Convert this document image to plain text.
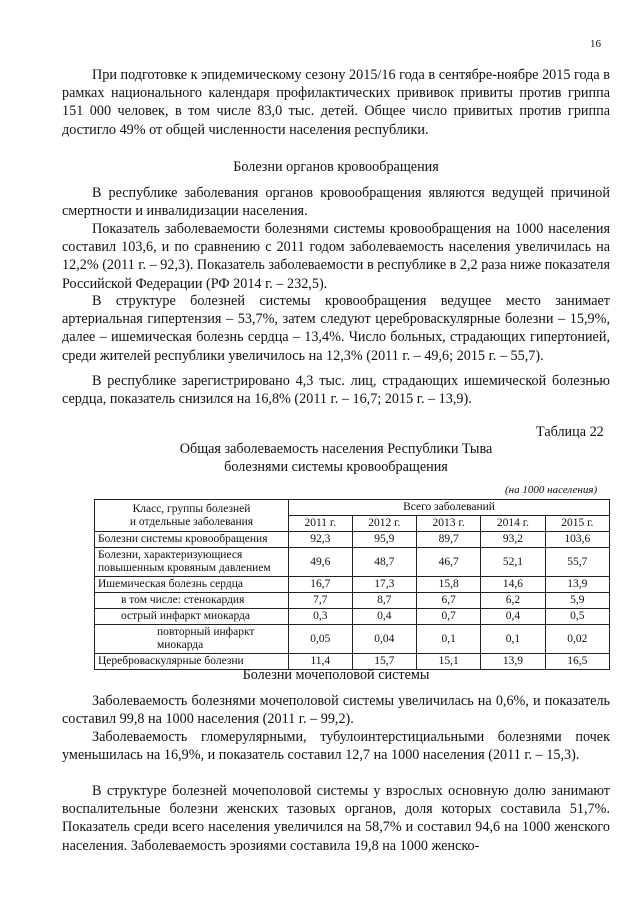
16

При подготовке к эпидемическому сезону 2015/16 года в сентябре-ноябре 2015 года в рамках национального календаря профилактических прививок привиты против гриппа 151 000 человек, в том числе 83,0 тыс. детей. Общее число привитых против гриппа достигло 49% от общей численности населения республики.

Болезни органов кровообращения

В республике заболевания органов кровообращения являются ведущей причиной смертности и инвалидизации населения.

Показатель заболеваемости болезнями системы кровообращения на 1000 населения составил 103,6, и по сравнению с 2011 годом заболеваемость населения увеличилась на 12,2% (2011 г. – 92,3). Показатель заболеваемости в республике в 2,2 раза ниже показателя Российской Федерации (РФ 2014 г. – 232,5).

В структуре болезней системы кровообращения ведущее место занимает артериальная гипертензия – 53,7%, затем следуют цереброваскулярные болезни – 15,9%, далее – ишемическая болезнь сердца – 13,4%. Число больных, страдающих гипертонией, среди жителей республики увеличилось на 12,3% (2011 г. – 49,6; 2015 г. – 55,7).

В республике зарегистрировано 4,3 тыс. лиц, страдающих ишемической болезнью сердца, показатель снизился на 16,8% (2011 г. – 16,7; 2015 г. – 13,9).

Таблица 22

Общая заболеваемость населения Республики Тыва

болезнями системы кровообращения

(на 1000 населения)
Класс, группы болезней
и отдельные заболевания	Всего заболеваний				
	2011 г.	2012 г.	2013 г.	2014 г.	2015 г.
Болезни системы кровообращения	92,3	95,9	89,7	93,2	103,6
Болезни, характеризующиеся повышенным кровяным давлением	49,6	48,7	46,7	52,1	55,7
Ишемическая болезнь сердца	16,7	17,3	15,8	14,6	13,9
в том числе: стенокардия	7,7	8,7	6,7	6,2	5,9
острый инфаркт миокарда	0,3	0,4	0,7	0,4	0,5
повторный инфаркт миокарда	0,05	0,04	0,1	0,1	0,02
Цереброваскулярные болезни	11,4	15,7	15,1	13,9	16,5

Болезни мочеполовой системы

Заболеваемость болезнями мочеполовой системы увеличилась на 0,6%, и показатель составил 99,8 на 1000 населения (2011 г. – 99,2).

Заболеваемость гломерулярными, тубулоинтерстициальными болезнями почек уменьшилась на 16,9%, и показатель составил 12,7 на 1000 населения (2011 г. – 15,3).

В структуре болезней мочеполовой системы у взрослых основную долю занимают воспалительные болезни женских тазовых органов, доля которых составила 51,7%. Показатель среди всего населения увеличился на 58,7% и составил 94,6 на 1000 женского населения. Заболеваемость эрозиями составила 19,8 на 1000 женско-
